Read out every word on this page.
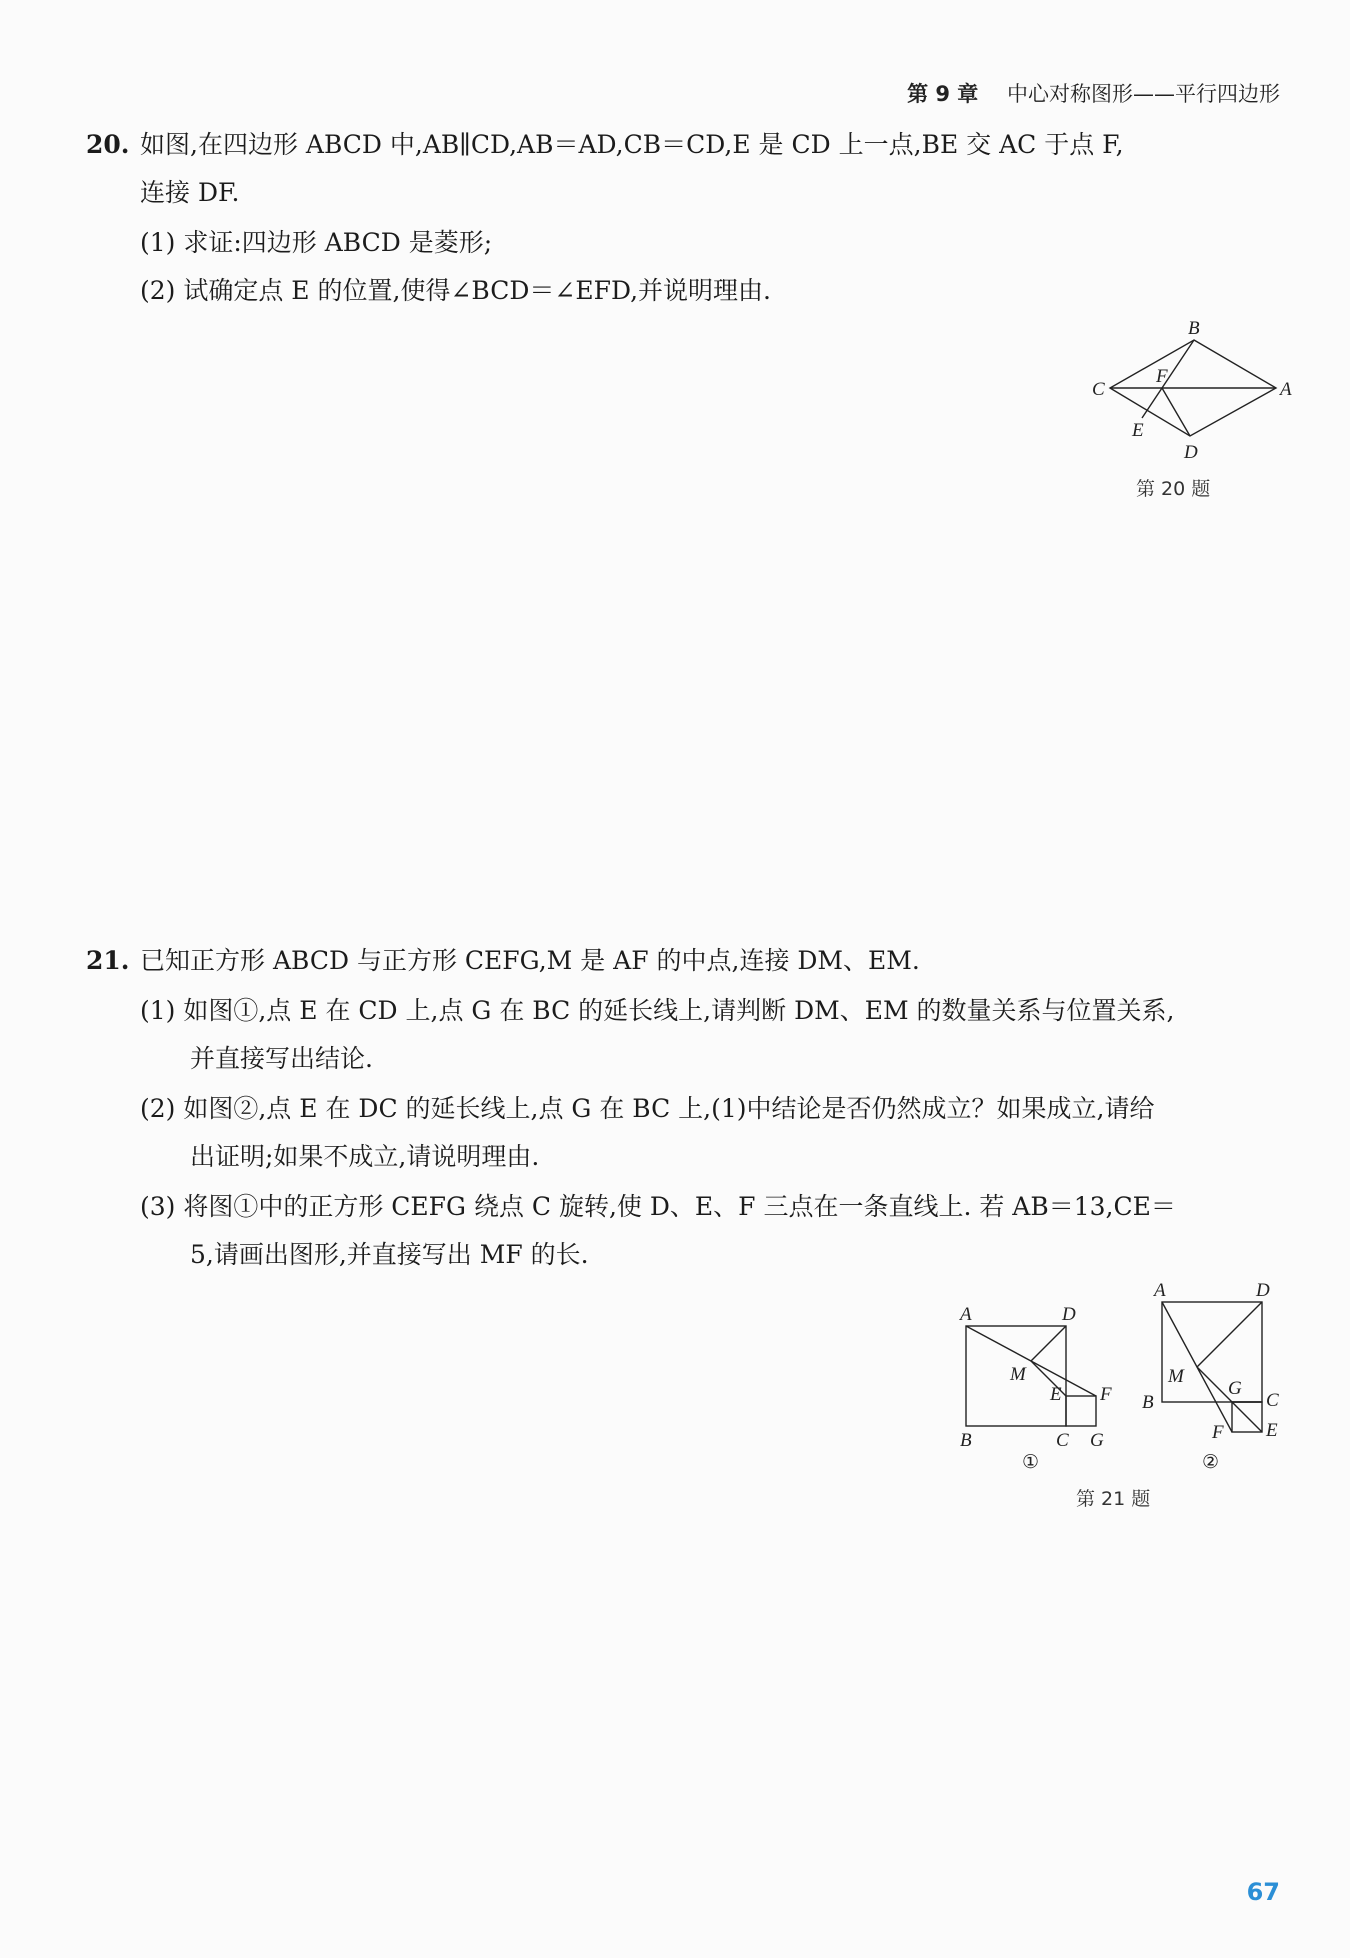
第 9 章 中心对称图形——平行四边形
20. 如图,在四边形 ABCD 中,AB∥CD,AB＝AD,CB＝CD,E 是 CD 上一点,BE 交 AC 于点 F,
连接 DF.
(1) 求证:四边形 ABCD 是菱形;
(2) 试确定点 E 的位置,使得∠BCD＝∠EFD,并说明理由.
B
A
C
D
E
F
第 20 题
21. 已知正方形 ABCD 与正方形 CEFG,M 是 AF 的中点,连接 DM、EM.
(1) 如图①,点 E 在 CD 上,点 G 在 BC 的延长线上,请判断 DM、EM 的数量关系与位置关系,
并直接写出结论.
(2) 如图②,点 E 在 DC 的延长线上,点 G 在 BC 上,(1)中结论是否仍然成立？如果成立,请给
出证明;如果不成立,请说明理由.
(3) 将图①中的正方形 CEFG 绕点 C 旋转,使 D、E、F 三点在一条直线上. 若 AB＝13,CE＝
5,请画出图形,并直接写出 MF 的长.
A	D
M
E F
B	C G
①
A	D
M
G
C
B
F E
②
第 21 题
67
